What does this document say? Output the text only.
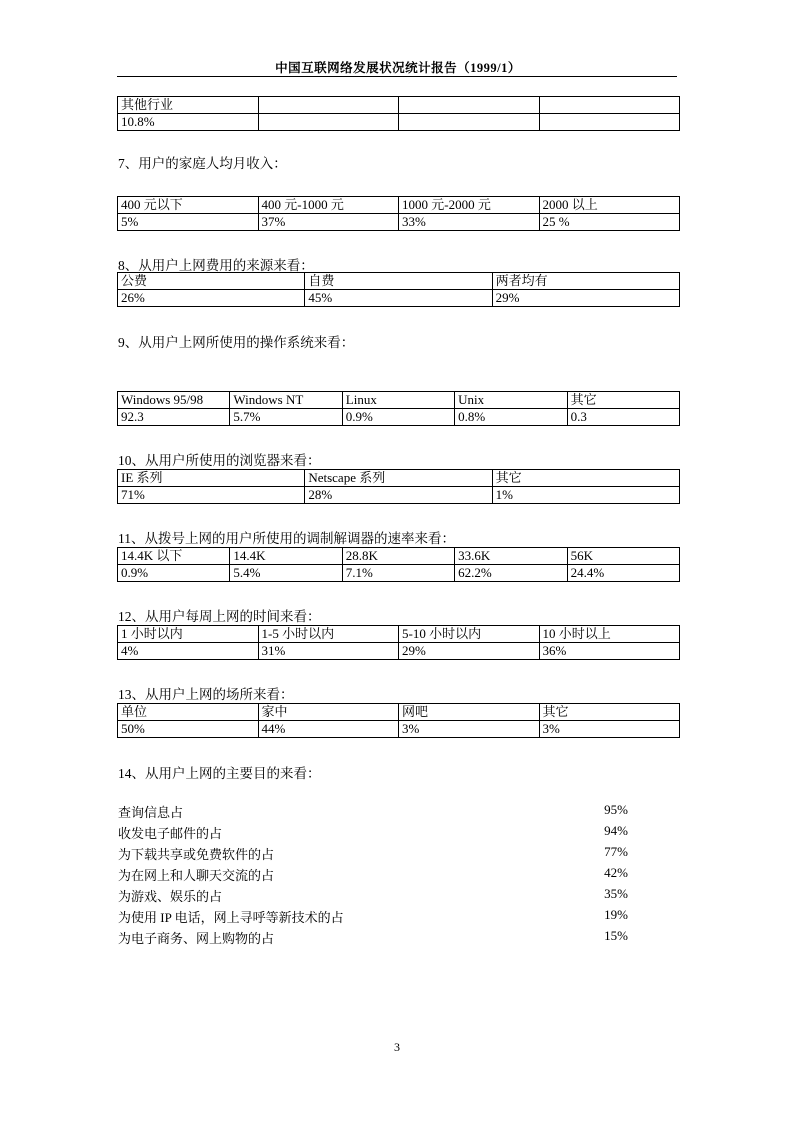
中国互联网络发展状况统计报告（1999/1）
其他行业			
10.8%			
7、用户的家庭人均月收入：
400 元以下	400 元-1000 元	1000 元-2000 元	2000 以上
5%	37%	33%	25 %
8、从用户上网费用的来源来看：
公费	自费	两者均有
26%	45%	29%
9、从用户上网所使用的操作系统来看：
Windows 95/98	Windows NT	Linux	Unix	其它
92.3	5.7%	0.9%	0.8%	0.3
10、从用户所使用的浏览器来看：
IE 系列	Netscape 系列	其它
71%	28%	1%
11、从拨号上网的用户所使用的调制解调器的速率来看：
14.4K 以下	14.4K	28.8K	33.6K	56K
0.9%	5.4%	7.1%	62.2%	24.4%
12、从用户每周上网的时间来看：
1 小时以内	1-5 小时以内	5-10 小时以内	10 小时以上
4%	31%	29%	36%
13、从用户上网的场所来看：
单位	家中	网吧	其它
50%	44%	3%	3%
14、从用户上网的主要目的来看：
查询信息占	95%
收发电子邮件的占	94%
为下载共享或免费软件的占	77%
为在网上和人聊天交流的占	42%
为游戏、娱乐的占	35%
为使用 IP 电话，网上寻呼等新技术的占	19%
为电子商务、网上购物的占	15%
3
